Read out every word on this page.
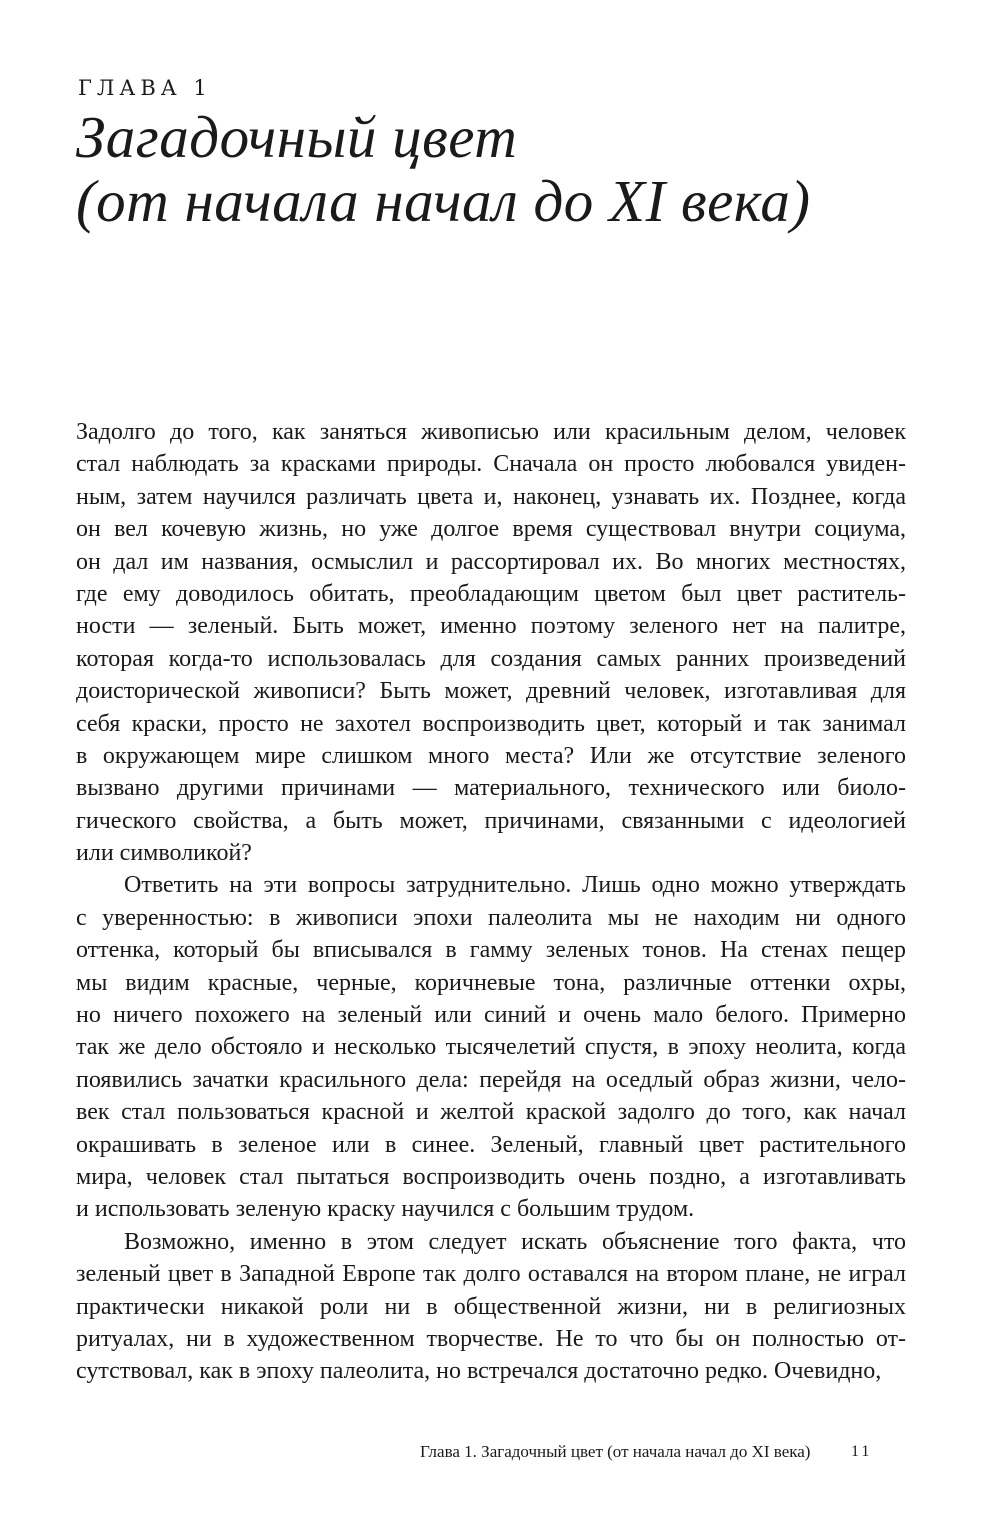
ГЛАВА 1
Загадочный цвет
(от начала начал до XI века)
Задолго до того, как заняться живописью или красильным делом, человек
стал наблюдать за красками природы. Сначала он просто любовался увиден-
ным, затем научился различать цвета и, наконец, узнавать их. Позднее, когда
он вел кочевую жизнь, но уже долгое время существовал внутри социума,
он дал им названия, осмыслил и рассортировал их. Во многих местностях,
где ему доводилось обитать, преобладающим цветом был цвет раститель-
ности — зеленый. Быть может, именно поэтому зеленого нет на палитре,
которая когда-то использовалась для создания самых ранних произведений
доисторической живописи? Быть может, древний человек, изготавливая для
себя краски, просто не захотел воспроизводить цвет, который и так занимал
в окружающем мире слишком много места? Или же отсутствие зеленого
вызвано другими причинами — материального, технического или биоло-
гического свойства, а быть может, причинами, связанными с идеологией
или символикой?
Ответить на эти вопросы затруднительно. Лишь одно можно утверждать
с уверенностью: в живописи эпохи палеолита мы не находим ни одного
оттенка, который бы вписывался в гамму зеленых тонов. На стенах пещер
мы видим красные, черные, коричневые тона, различные оттенки охры,
но ничего похожего на зеленый или синий и очень мало белого. Примерно
так же дело обстояло и несколько тысячелетий спустя, в эпоху неолита, когда
появились зачатки красильного дела: перейдя на оседлый образ жизни, чело-
век стал пользоваться красной и желтой краской задолго до того, как начал
окрашивать в зеленое или в синее. Зеленый, главный цвет растительного
мира, человек стал пытаться воспроизводить очень поздно, а изготавливать
и использовать зеленую краску научился с большим трудом.
Возможно, именно в этом следует искать объяснение того факта, что
зеленый цвет в Западной Европе так долго оставался на втором плане, не играл
практически никакой роли ни в общественной жизни, ни в религиозных
ритуалах, ни в художественном творчестве. Не то что бы он полностью от-
сутствовал, как в эпоху палеолита, но встречался достаточно редко. Очевидно,
Глава 1. Загадочный цвет (от начала начал до XI века)	11
